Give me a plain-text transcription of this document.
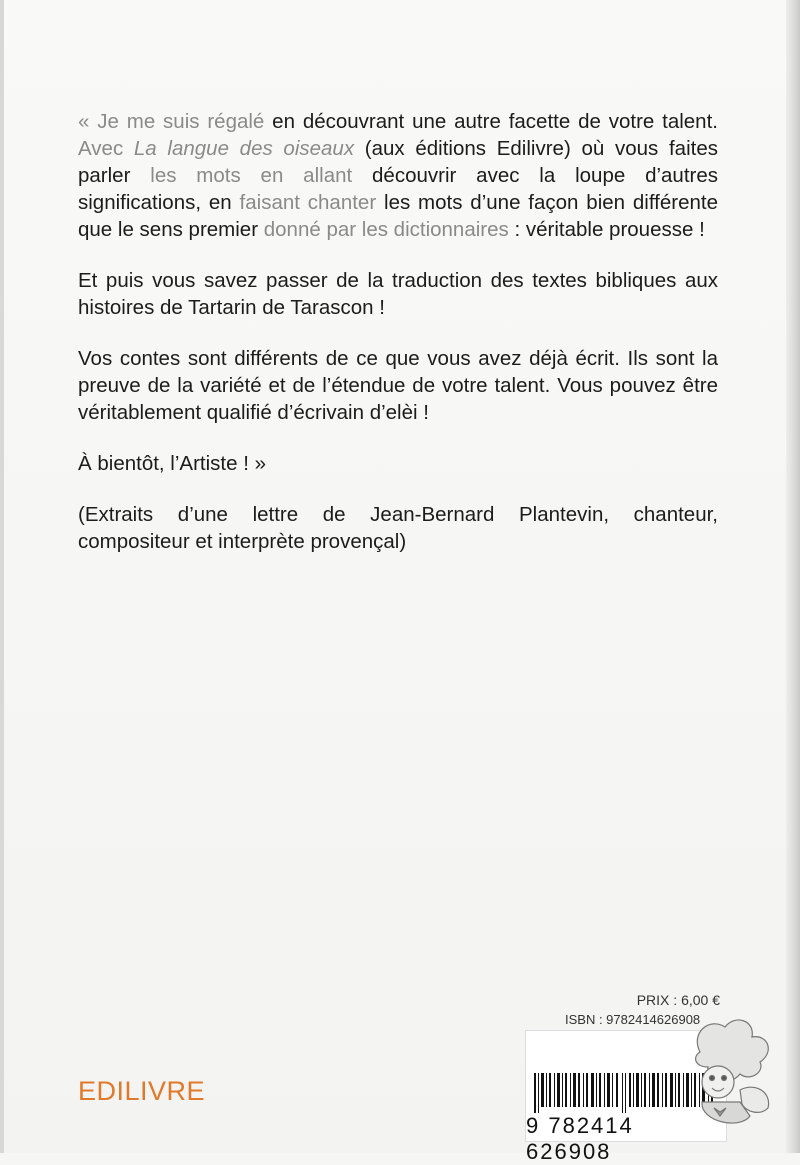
« Je me suis régalé en découvrant une autre facette de votre talent. Avec La langue des oiseaux (aux éditions Edilivre) où vous faites parler les mots en allant découvrir avec la loupe d’autres significations, en faisant chanter les mots d’une façon bien différente que le sens premier donné par les dictionnaires : véritable prouesse !

Et puis vous savez passer de la traduction des textes bibliques aux histoires de Tartarin de Tarascon !

Vos contes sont différents de ce que vous avez déjà écrit. Ils sont la preuve de la variété et de l’étendue de votre talent. Vous pouvez être véritablement qualifié d’écrivain d’elèi !

À bientôt, l’Artiste ! »

(Extraits d’une lettre de Jean-Bernard Plantevin, chanteur, compositeur et interprète provençal)

EDILIVRE
PRIX : 6,00 €
ISBN : 9782414626908
9 782414 626908
